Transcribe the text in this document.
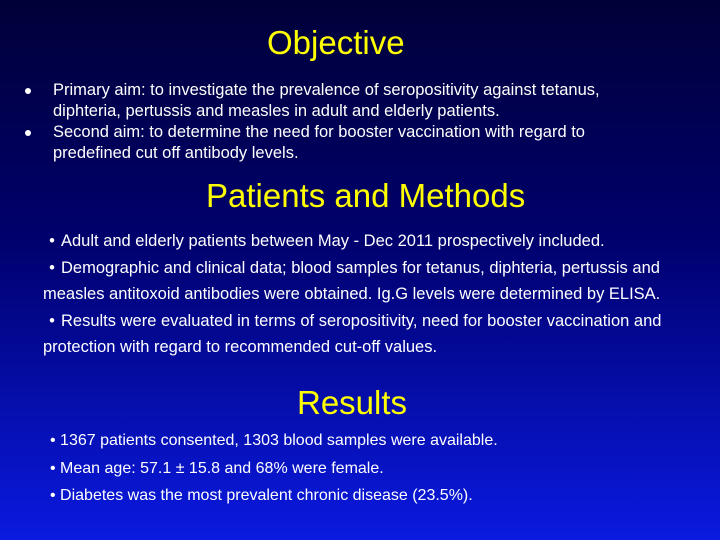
Objective
Primary aim: to investigate the prevalence of seropositivity against tetanus, diphteria, pertussis and measles in adult and elderly patients.
Second aim: to determine the need for booster vaccination with regard to predefined cut off antibody levels.
Patients and Methods

• Adult and elderly patients between May - Dec 2011 prospectively included.

• Demographic and clinical data; blood samples for tetanus, diphteria, pertussis and measles antitoxoid antibodies were obtained. Ig.G levels were determined by ELISA.

• Results were evaluated in terms of seropositivity, need for booster vaccination and protection with regard to recommended cut-off values.

Results

• 1367 patients consented, 1303 blood samples were available.

• Mean age: 57.1 ± 15.8 and 68% were female.

• Diabetes was the most prevalent chronic disease (23.5%).
